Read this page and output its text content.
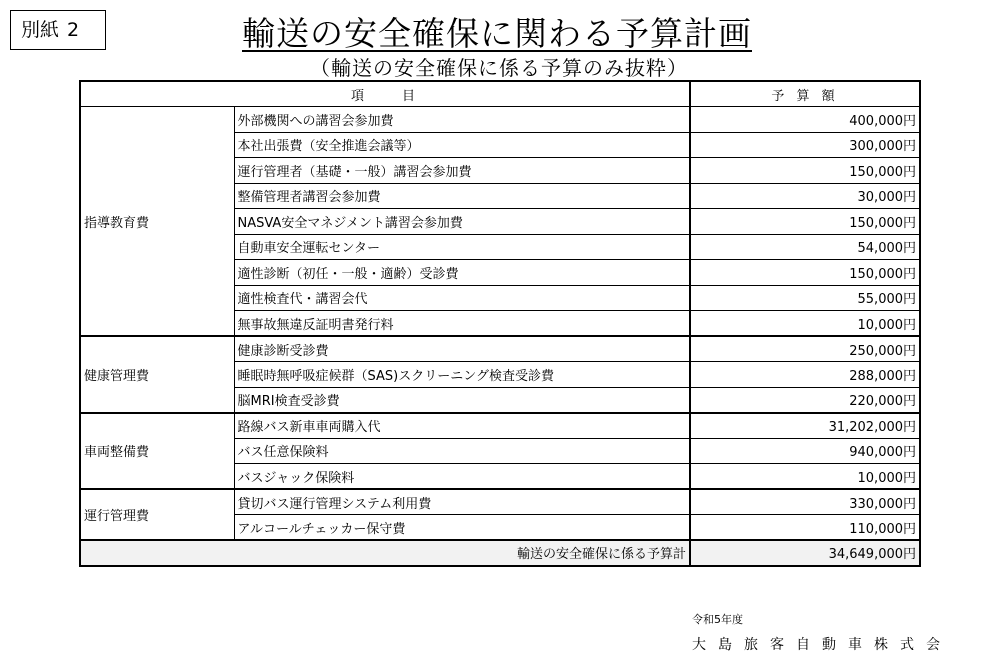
別紙 2	輸送の安全確保に関わる予算計画
（輸送の安全確保に係る予算のみ抜粋）
項　　目		予 算 額
指導教育費	外部機関への講習会参加費	400,000円
	本社出張費（安全推進会議等）	300,000円
	運行管理者（基礎・一般）講習会参加費	150,000円
	整備管理者講習会参加費	30,000円
	NASVA安全マネジメント講習会参加費	150,000円
	自動車安全運転センター	54,000円
	適性診断（初任・一般・適齢）受診費	150,000円
	適性検査代・講習会代	55,000円
	無事故無違反証明書発行料	10,000円
健康管理費	健康診断受診費	250,000円
	睡眠時無呼吸症候群（SAS)スクリーニング検査受診費	288,000円
	脳MRI検査受診費	220,000円
車両整備費	路線バス新車車両購入代	31,202,000円
	バス任意保険料	940,000円
	バスジャック保険料	10,000円
運行管理費	貸切バス運行管理システム利用費	330,000円
	アルコールチェッカー保守費	110,000円
輸送の安全確保に係る予算計		34,649,000円
令和5年度
大島旅客自動車株式会
